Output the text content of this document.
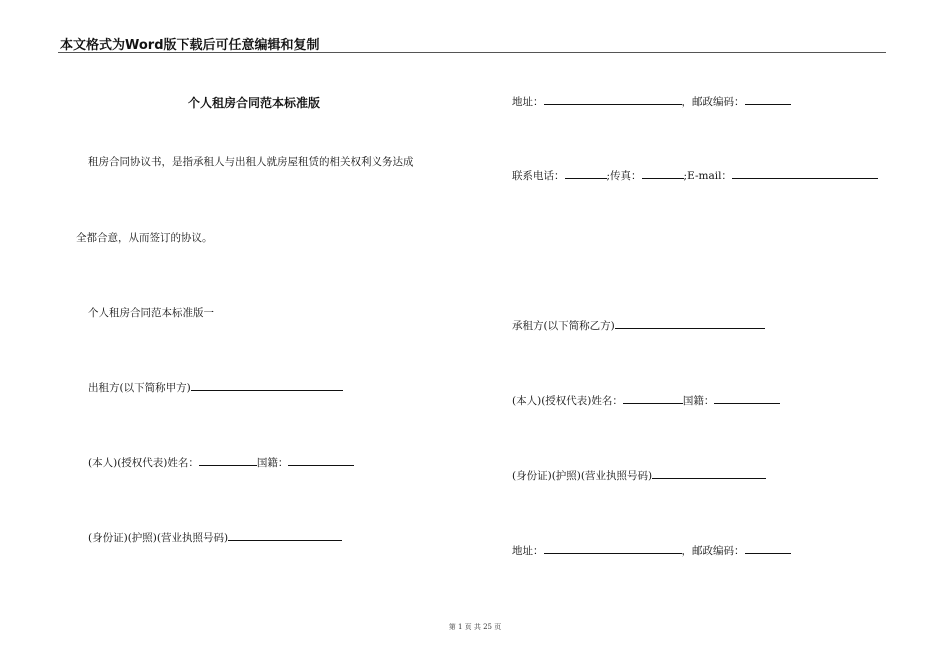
本文格式为Word版下载后可任意编辑和复制
个人租房合同范本标准版
租房合同协议书，是指承租人与出租人就房屋租赁的相关权利义务达成
全都合意，从而签订的协议。
个人租房合同范本标准版一
出租方(以下简称甲方)
(本人)(授权代表)姓名：	国籍：
(身份证)(护照)(营业执照号码)
地址：	，邮政编码：
联系电话：	;传真：	;E-mail：
承租方(以下简称乙方)
(本人)(授权代表)姓名：	国籍：
(身份证)(护照)(营业执照号码)
地址：	，邮政编码：
第 1 页 共 25 页
